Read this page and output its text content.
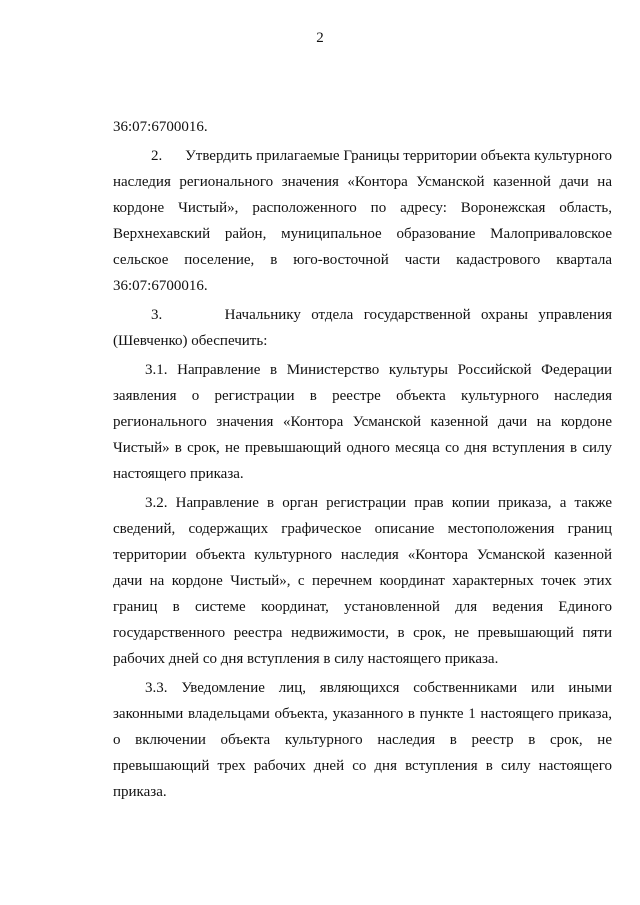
2

36:07:6700016.

2.      Утвердить прилагаемые Границы территории объекта культурного наследия регионального значения «Контора Усманской казенной дачи на кордоне Чистый», расположенного по адресу: Воронежская область, Верхнехавский район, муниципальное образование Малоприваловское сельское поселение, в юго-восточной части кадастрового квартала 36:07:6700016.

3.      Начальнику отдела государственной охраны управления (Шевченко) обеспечить:

3.1. Направление в Министерство культуры Российской Федерации заявления о регистрации в реестре объекта культурного наследия регионального значения «Контора Усманской казенной дачи на кордоне Чистый» в срок, не превышающий одного месяца со дня вступления в силу настоящего приказа.

3.2. Направление в орган регистрации прав копии приказа, а также сведений, содержащих графическое описание местоположения границ территории объекта культурного наследия «Контора Усманской казенной дачи на кордоне Чистый», с перечнем координат характерных точек этих границ в системе координат, установленной для ведения Единого государственного реестра недвижимости, в срок, не превышающий пяти рабочих дней со дня вступления в силу настоящего приказа.

3.3. Уведомление лиц, являющихся собственниками или иными законными владельцами объекта, указанного в пункте 1 настоящего приказа, о включении объекта культурного наследия в реестр в срок, не превышающий трех рабочих дней со дня вступления в силу настоящего приказа.
